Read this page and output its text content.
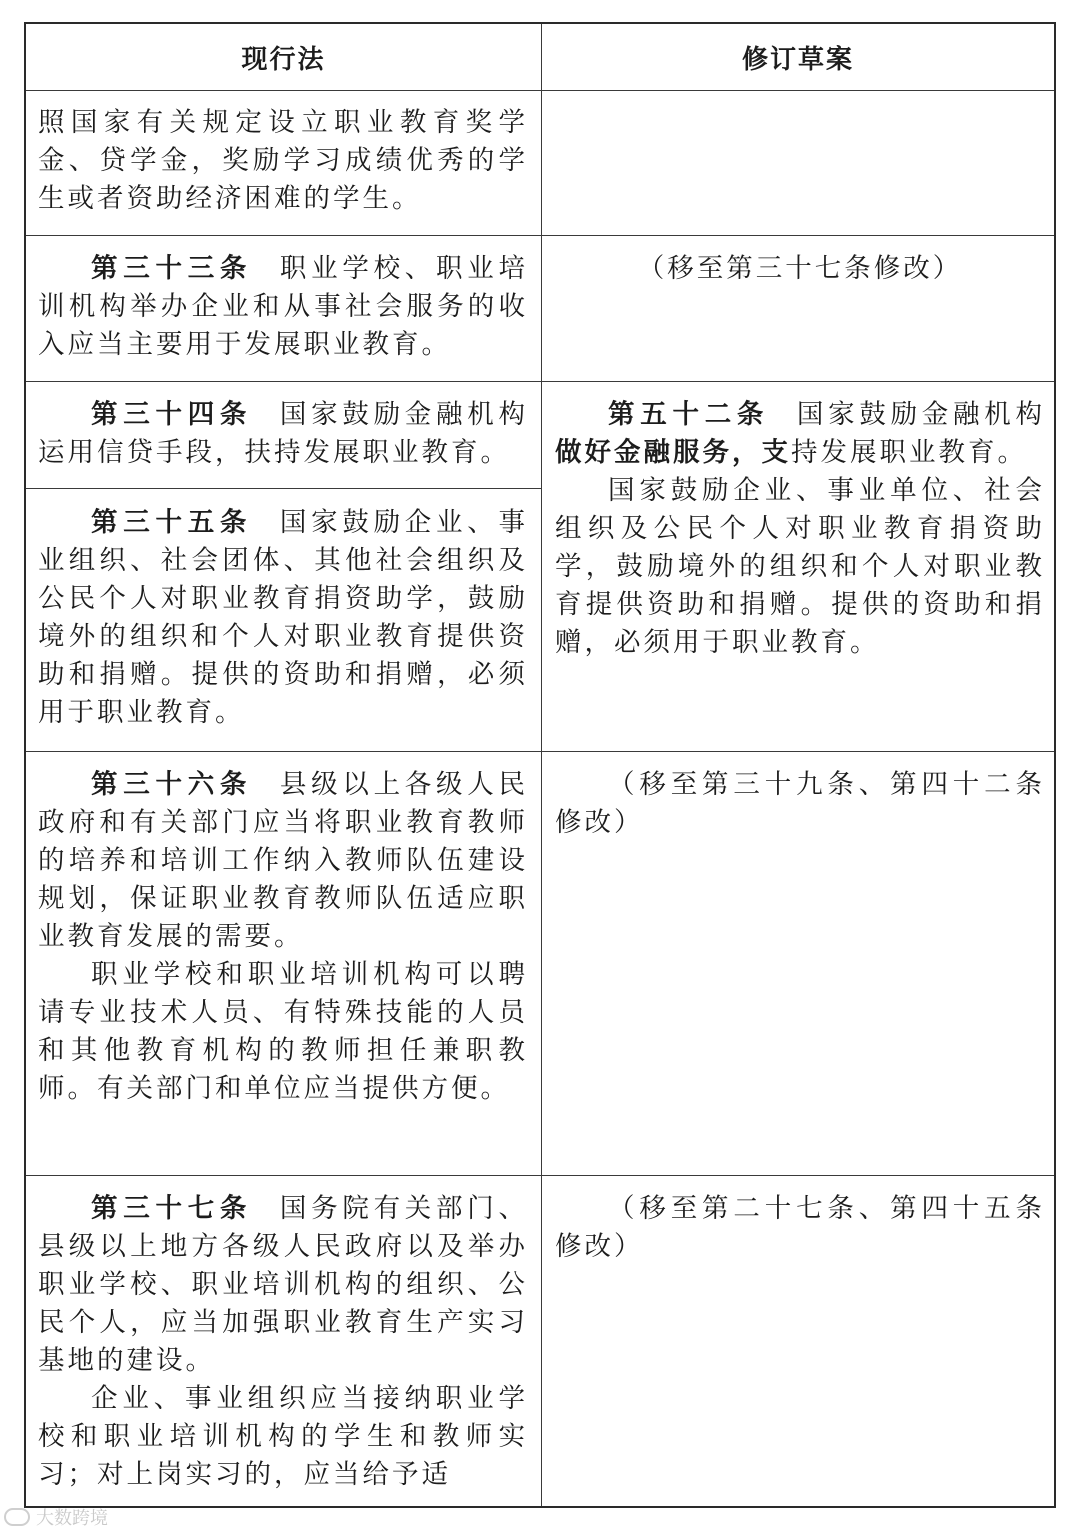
现行法	修订草案

照国家有关规定设立职业教育奖学金、贷学金，奖励学习成绩优秀的学生或者资助经济困难的学生。

第三十三条 职业学校、职业培训机构举办企业和从事社会服务的收入应当主要用于发展职业教育。

（移至第三十七条修改）

第三十四条 国家鼓励金融机构运用信贷手段，扶持发展职业教育。

第三十五条 国家鼓励企业、事业组织、社会团体、其他社会组织及公民个人对职业教育捐资助学，鼓励境外的组织和个人对职业教育提供资助和捐赠。提供的资助和捐赠，必须用于职业教育。

第五十二条 国家鼓励金融机构做好金融服务，支持发展职业教育。

国家鼓励企业、事业单位、社会组织及公民个人对职业教育捐资助学，鼓励境外的组织和个人对职业教育提供资助和捐赠。提供的资助和捐赠，必须用于职业教育。

第三十六条 县级以上各级人民政府和有关部门应当将职业教育教师的培养和培训工作纳入教师队伍建设规划，保证职业教育教师队伍适应职业教育发展的需要。

职业学校和职业培训机构可以聘请专业技术人员、有特殊技能的人员和其他教育机构的教师担任兼职教师。有关部门和单位应当提供方便。

（移至第三十九条、第四十二条修改）

第三十七条 国务院有关部门、县级以上地方各级人民政府以及举办职业学校、职业培训机构的组织、公民个人，应当加强职业教育生产实习基地的建设。

企业、事业组织应当接纳职业学校和职业培训机构的学生和教师实习；对上岗实习的，应当给予适

（移至第二十七条、第四十五条修改）

大数跨境
